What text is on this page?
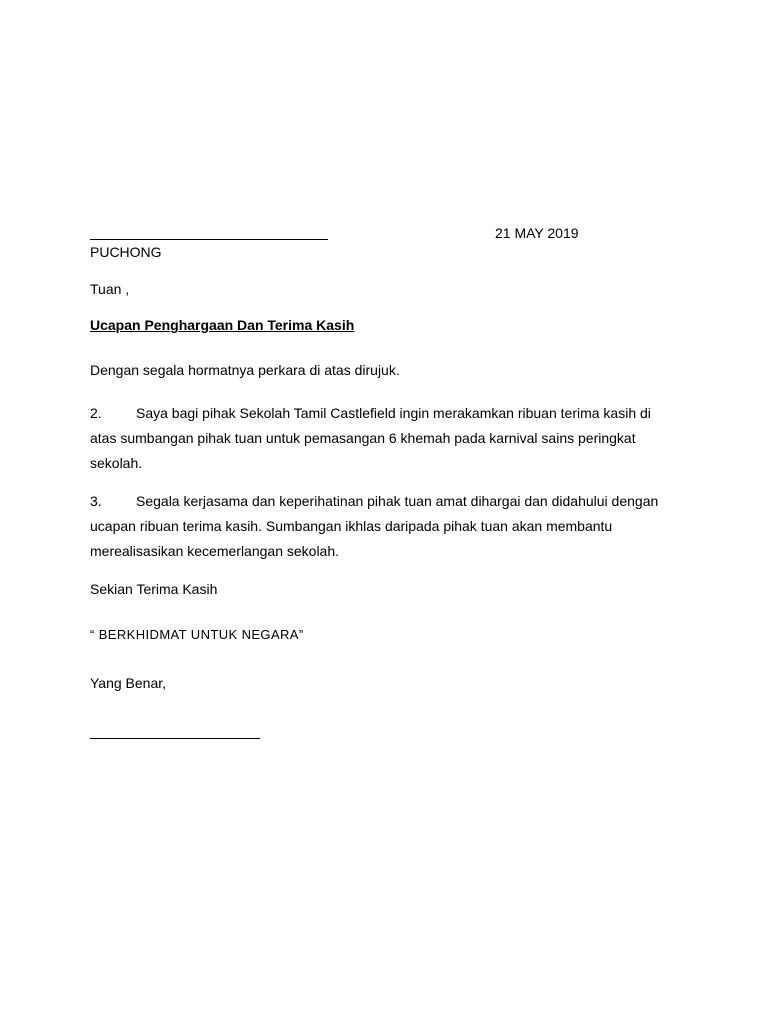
21 MAY 2019
PUCHONG
Tuan ,
Ucapan Penghargaan Dan Terima Kasih
Dengan segala hormatnya perkara di atas dirujuk.
2. Saya bagi pihak Sekolah Tamil Castlefield ingin merakamkan ribuan terima kasih di atas sumbangan pihak tuan untuk pemasangan 6 khemah pada karnival sains peringkat sekolah.
3. Segala kerjasama dan keperihatinan pihak tuan amat dihargai dan didahului dengan ucapan ribuan terima kasih. Sumbangan ikhlas daripada pihak tuan akan membantu merealisasikan kecemerlangan sekolah.
Sekian Terima Kasih
“ BERKHIDMAT UNTUK NEGARA”
Yang Benar,
